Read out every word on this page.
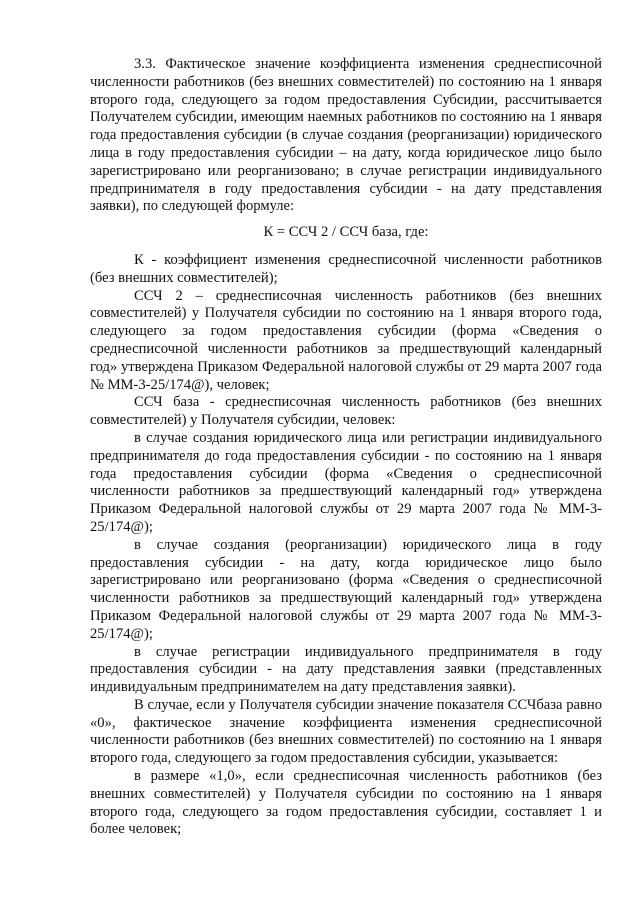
3.3. Фактическое значение коэффициента изменения среднесписочной численности работников (без внешних совместителей) по состоянию на 1 января второго года, следующего за годом предоставления Субсидии, рассчитывается Получателем субсидии, имеющим наемных работников по состоянию на 1 января года предоставления субсидии (в случае создания (реорганизации) юридического лица в году предоставления субсидии – на дату, когда юридическое лицо было зарегистрировано или реорганизовано; в случае регистрации индивидуального предпринимателя в году предоставления субсидии - на дату представления заявки), по следующей формуле:

К = ССЧ 2 / ССЧ база, где:

К - коэффициент изменения среднесписочной численности работников (без внешних совместителей);

ССЧ 2 – среднесписочная численность работников (без внешних совместителей) у Получателя субсидии по состоянию на 1 января второго года, следующего за годом предоставления субсидии (форма «Сведения о среднесписочной численности работников за предшествующий календарный год» утверждена Приказом Федеральной налоговой службы от 29 марта 2007 года № ММ-3-25/174@), человек;

ССЧ база - среднесписочная численность работников (без внешних совместителей) у Получателя субсидии, человек:

в случае создания юридического лица или регистрации индивидуального предпринимателя до года предоставления субсидии - по состоянию на 1 января года предоставления субсидии (форма «Сведения о среднесписочной численности работников за предшествующий календарный год» утверждена Приказом Федеральной налоговой службы от 29 марта 2007 года № ММ-3-25/174@);

в случае создания (реорганизации) юридического лица в году предоставления субсидии - на дату, когда юридическое лицо было зарегистрировано или реорганизовано (форма «Сведения о среднесписочной численности работников за предшествующий календарный год» утверждена Приказом Федеральной налоговой службы от 29 марта 2007 года № ММ-3-25/174@);

в случае регистрации индивидуального предпринимателя в году предоставления субсидии - на дату представления заявки (представленных индивидуальным предпринимателем на дату представления заявки).

В случае, если у Получателя субсидии значение показателя ССЧбаза равно «0», фактическое значение коэффициента изменения среднесписочной численности работников (без внешних совместителей) по состоянию на 1 января второго года, следующего за годом предоставления субсидии, указывается:

в размере «1,0», если среднесписочная численность работников (без внешних совместителей) у Получателя субсидии по состоянию на 1 января второго года, следующего за годом предоставления субсидии, составляет 1 и более человек;
